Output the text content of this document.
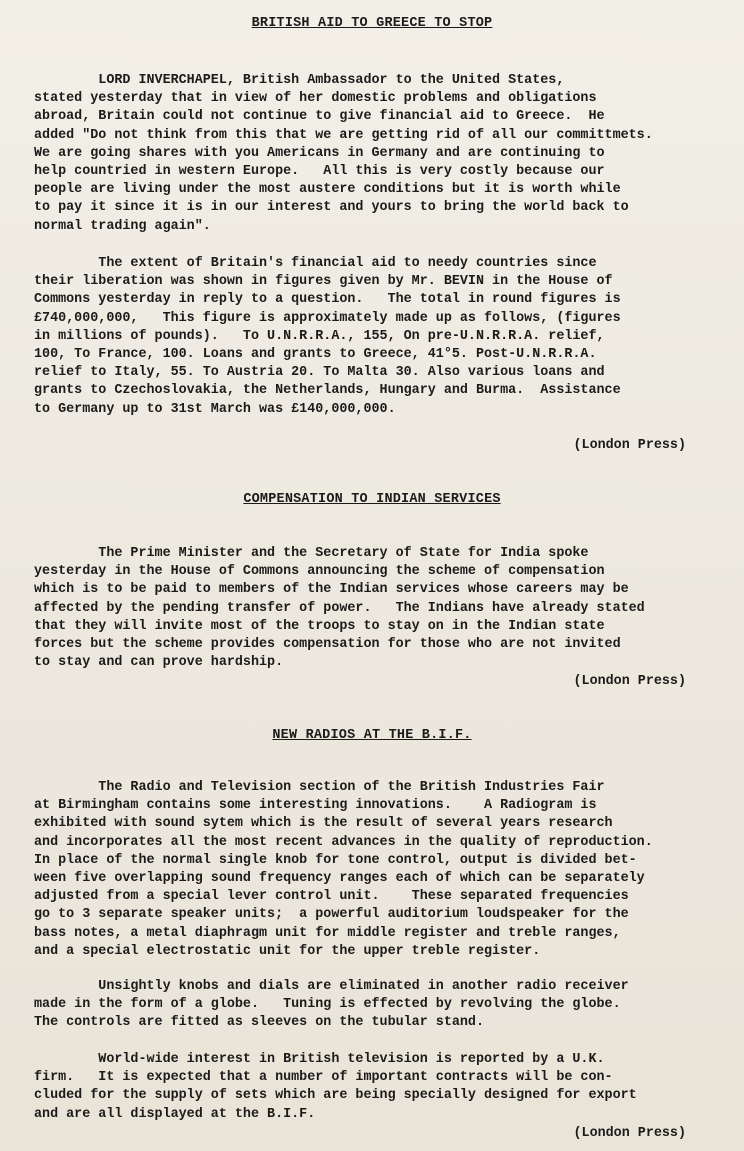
BRITISH AID TO GREECE TO STOP

LORD INVERCHAPEL, British Ambassador to the United States,
stated yesterday that in view of her domestic problems and obligations
abroad, Britain could not continue to give financial aid to Greece.  He
added "Do not think from this that we are getting rid of all our committmets.
We are going shares with you Americans in Germany and are continuing to
help countried in western Europe.   All this is very costly because our
people are living under the most austere conditions but it is worth while
to pay it since it is in our interest and yours to bring the world back to
normal trading again".

The extent of Britain's financial aid to needy countries since
their liberation was shown in figures given by Mr. BEVIN in the House of
Commons yesterday in reply to a question.   The total in round figures is
£740,000,000,   This figure is approximately made up as follows, (figures
in millions of pounds).   To U.N.R.R.A., 155, On pre-U.N.R.R.A. relief,
100, To France, 100. Loans and grants to Greece, 41°5. Post-U.N.R.R.A.
relief to Italy, 55. To Austria 20. To Malta 30. Also various loans and
grants to Czechoslovakia, the Netherlands, Hungary and Burma.  Assistance
to Germany up to 31st March was £140,000,000.

(London Press)
COMPENSATION TO INDIAN SERVICES

The Prime Minister and the Secretary of State for India spoke
yesterday in the House of Commons announcing the scheme of compensation
which is to be paid to members of the Indian services whose careers may be
affected by the pending transfer of power.   The Indians have already stated
that they will invite most of the troops to stay on in the Indian state
forces but the scheme provides compensation for those who are not invited
to stay and can prove hardship.

(London Press)
NEW RADIOS AT THE B.I.F.

The Radio and Television section of the British Industries Fair
at Birmingham contains some interesting innovations.    A Radiogram is
exhibited with sound sytem which is the result of several years research
and incorporates all the most recent advances in the quality of reproduction.
In place of the normal single knob for tone control, output is divided bet-
ween five overlapping sound frequency ranges each of which can be separately
adjusted from a special lever control unit.    These separated frequencies
go to 3 separate speaker units;  a powerful auditorium loudspeaker for the
bass notes, a metal diaphragm unit for middle register and treble ranges,
and a special electrostatic unit for the upper treble register.

Unsightly knobs and dials are eliminated in another radio receiver
made in the form of a globe.   Tuning is effected by revolving the globe.
The controls are fitted as sleeves on the tubular stand.

World-wide interest in British television is reported by a U.K.
firm.   It is expected that a number of important contracts will be con-
cluded for the supply of sets which are being specially designed for export
and are all displayed at the B.I.F.

(London Press)
